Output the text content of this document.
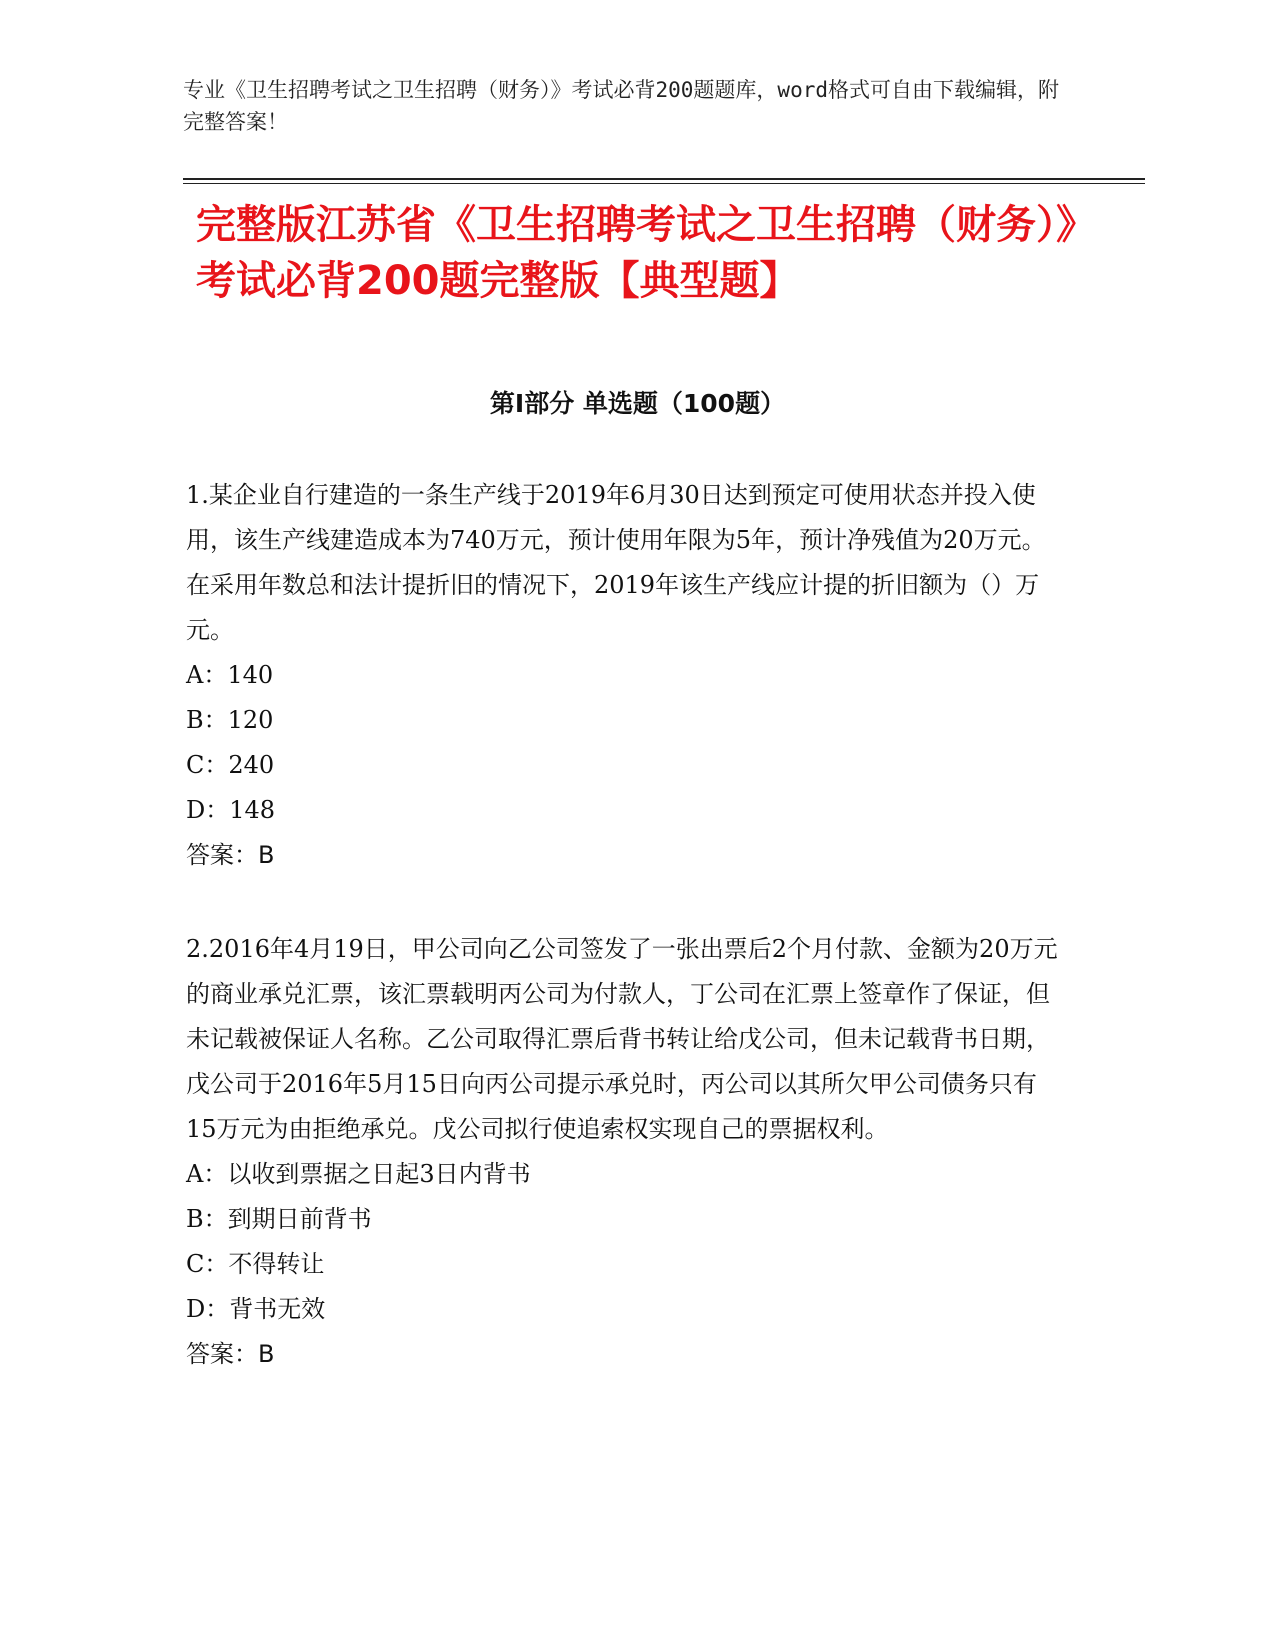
专业《卫生招聘考试之卫生招聘（财务）》考试必背200题题库，word格式可自由下载编辑，附完整答案！
完整版江苏省《卫生招聘考试之卫生招聘（财务）》考试必背200题完整版【典型题】
第Ⅰ部分 单选题（100题）
1.某企业自行建造的一条生产线于2019年6月30日达到预定可使用状态并投入使用，该生产线建造成本为740万元，预计使用年限为5年，预计净残值为20万元。在采用年数总和法计提折旧的情况下，2019年该生产线应计提的折旧额为（）万元。
A：140
B：120
C：240
D：148
答案：B
2.2016年4月19日，甲公司向乙公司签发了一张出票后2个月付款、金额为20万元的商业承兑汇票，该汇票载明丙公司为付款人，丁公司在汇票上签章作了保证，但未记载被保证人名称。乙公司取得汇票后背书转让给戊公司，但未记载背书日期，戊公司于2016年5月15日向丙公司提示承兑时，丙公司以其所欠甲公司债务只有15万元为由拒绝承兑。戊公司拟行使追索权实现自己的票据权利。
A：以收到票据之日起3日内背书
B：到期日前背书
C：不得转让
D：背书无效
答案：B
